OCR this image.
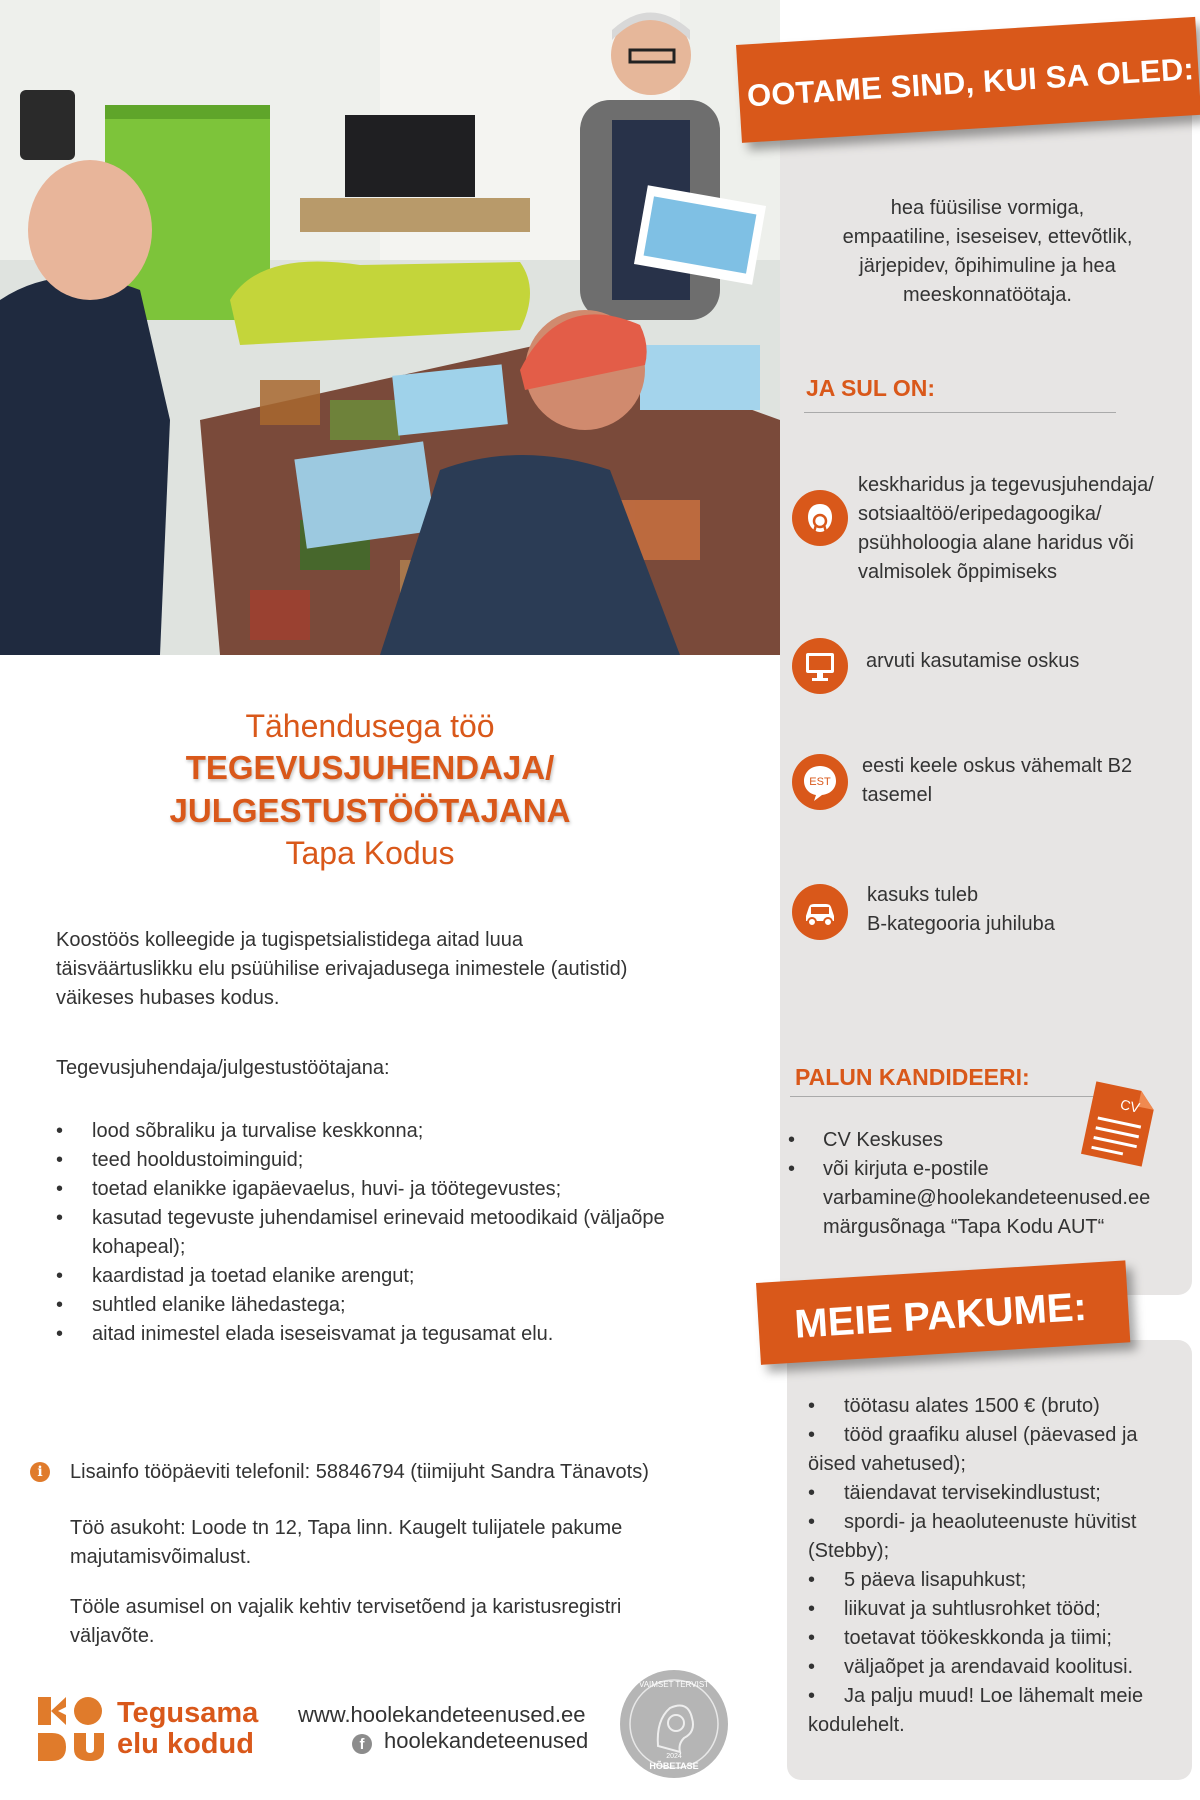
OOTAME SIND, KUI SA OLED:
hea füüsilise vormiga,
empaatiline, iseseisev, ettevõtlik,
järjepidev, õpihimuline ja hea
meeskonnatöötaja.
JA SUL ON:
keskharidus ja tegevusjuhendaja/
sotsiaaltöö/eripedagoogika/
psühholoogia alane haridus või
valmisolek õppimiseks
arvuti kasutamise oskus
EST
eesti keele oskus vähemalt B2
tasemel
kasuks tuleb
B-kategooria juhiluba
PALUN KANDIDEERI:
CV
• CV Keskuses
• või kirjuta e-postile
varbamine@hoolekandeteenused.ee
märgusõnaga “Tapa Kodu AUT“
MEIE PAKUME:
• töötasu alates 1500 € (bruto)
• tööd graafiku alusel (päevased ja
öised vahetused);
• täiendavat tervisekindlustust;
• spordi- ja heaoluteenuste hüvitist
(Stebby);
• 5 päeva lisapuhkust;
• liikuvat ja suhtlusrohket tööd;
• toetavat töökeskkonda ja tiimi;
• väljaõpet ja arendavaid koolitusi.
• Ja palju muud! Loe lähemalt meie
kodulehelt.
Tähendusega töö
TEGEVUSJUHENDAJA/
JULGESTUSTÖÖTAJANA
Tapa Kodus
Koostöös kolleegide ja tugispetsialistidega aitad luua
täisväärtuslikku elu psüühilise erivajadusega inimestele (autistid)
väikeses hubases kodus.
Tegevusjuhendaja/julgestustöötajana:
• lood sõbraliku ja turvalise keskkonna;
• teed hooldustoiminguid;
• toetad elanikke igapäevaelus, huvi- ja töötegevustes;
• kasutad tegevuste juhendamisel erinevaid metoodikaid (väljaõpe
kohapeal);
• kaardistad ja toetad elanike arengut;
• suhtled elanike lähedastega;
• aitad inimestel elada iseseisvamat ja tegusamat elu.
i	Lisainfo tööpäeviti telefonil: 58846794 (tiimijuht Sandra Tänavots)
Töö asukoht: Loode tn 12, Tapa linn. Kaugelt tulijatele pakume
majutamisvõimalust.
Tööle asumisel on vajalik kehtiv tervisetõend ja karistusregistri
väljavõte.
Tegusama
elu kodud
www.hoolekandeteenused.ee
f hoolekandeteenused
VAIMSET TERVIST
2024
HÕBETASE
